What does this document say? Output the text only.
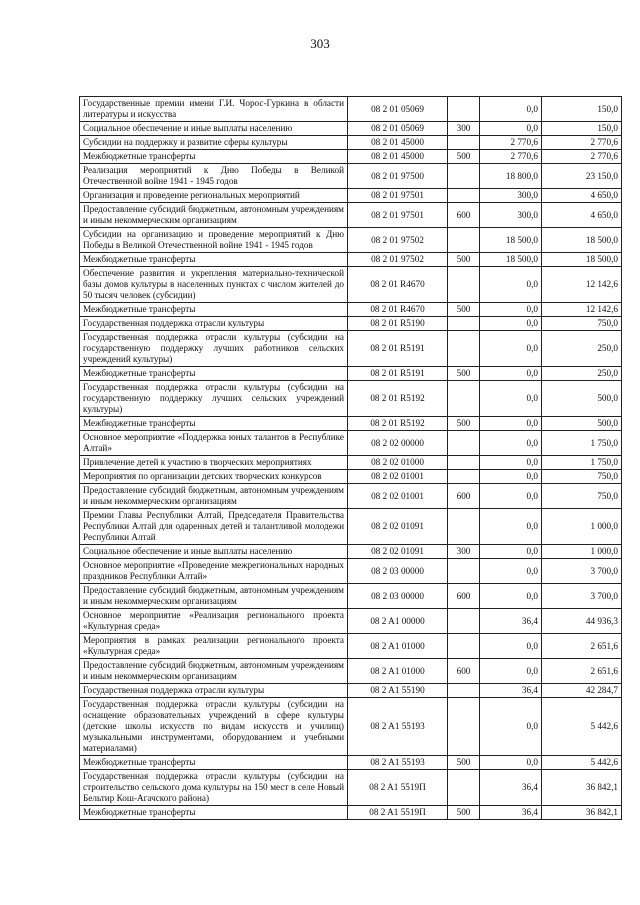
303
Государственные премии имени Г.И. Чорос-Гуркина в области литературы и искусства	08 2 01 05069		0,0	150,0
Социальное обеспечение и иные выплаты населению	08 2 01 05069	300	0,0	150,0
Субсидии на поддержку и развитие сферы культуры	08 2 01 45000		2 770,6	2 770,6
Межбюджетные трансферты	08 2 01 45000	500	2 770,6	2 770,6
Реализация мероприятий к Дню Победы в Великой Отечественной войне 1941 - 1945 годов	08 2 01 97500		18 800,0	23 150,0
Организация и проведение региональных мероприятий	08 2 01 97501		300,0	4 650,0
Предоставление субсидий бюджетным, автономным учреждениям и иным некоммерческим организациям	08 2 01 97501	600	300,0	4 650,0
Субсидии на организацию и проведение мероприятий к Дню Победы в Великой Отечественной войне 1941 - 1945 годов	08 2 01 97502		18 500,0	18 500,0
Межбюджетные трансферты	08 2 01 97502	500	18 500,0	18 500,0
Обеспечение развития и укрепления материально-технической базы домов культуры в населенных пунктах с числом жителей до 50 тысяч человек (субсидии)	08 2 01 R4670		0,0	12 142,6
Межбюджетные трансферты	08 2 01 R4670	500	0,0	12 142,6
Государственная поддержка отрасли культуры	08 2 01 R5190		0,0	750,0
Государственная поддержка отрасли культуры (субсидии на государственную поддержку лучших работников сельских учреждений культуры)	08 2 01 R5191		0,0	250,0
Межбюджетные трансферты	08 2 01 R5191	500	0,0	250,0
Государственная поддержка отрасли культуры (субсидии на государственную поддержку лучших сельских учреждений культуры)	08 2 01 R5192		0,0	500,0
Межбюджетные трансферты	08 2 01 R5192	500	0,0	500,0
Основное мероприятие «Поддержка юных талантов в Республике Алтай»	08 2 02 00000		0,0	1 750,0
Привлечение детей к участию в творческих мероприятиях	08 2 02 01000		0,0	1 750,0
Мероприятия по организации детских творческих конкурсов	08 2 02 01001		0,0	750,0
Предоставление субсидий бюджетным, автономным учреждениям и иным некоммерческим организациям	08 2 02 01001	600	0,0	750,0
Премии Главы Республики Алтай, Председателя Правительства Республики Алтай для одаренных детей и талантливой молодежи Республики Алтай	08 2 02 01091		0,0	1 000,0
Социальное обеспечение и иные выплаты населению	08 2 02 01091	300	0,0	1 000,0
Основное мероприятие «Проведение межрегиональных народных праздников Республики Алтай»	08 2 03 00000		0,0	3 700,0
Предоставление субсидий бюджетным, автономным учреждениям и иным некоммерческим организациям	08 2 03 00000	600	0,0	3 700,0
Основное мероприятие «Реализация регионального проекта «Культурная среда»	08 2 A1 00000		36,4	44 936,3
Мероприятия в рамках реализации регионального проекта «Культурная среда»	08 2 A1 01000		0,0	2 651,6
Предоставление субсидий бюджетным, автономным учреждениям и иным некоммерческим организациям	08 2 A1 01000	600	0,0	2 651,6
Государственная поддержка отрасли культуры	08 2 A1 55190		36,4	42 284,7
Государственная поддержка отрасли культуры (субсидии на оснащение образовательных учреждений в сфере культуры (детские школы искусств по видам искусств и училищ) музыкальными инструментами, оборудованием и учебными материалами)	08 2 A1 55193		0,0	5 442,6
Межбюджетные трансферты	08 2 A1 55193	500	0,0	5 442,6
Государственная поддержка отрасли культуры (субсидии на строительство сельского дома культуры на 150 мест в селе Новый Бельтир Кош-Агачского района)	08 2 A1 5519П		36,4	36 842,1
Межбюджетные трансферты	08 2 A1 5519П	500	36,4	36 842,1
